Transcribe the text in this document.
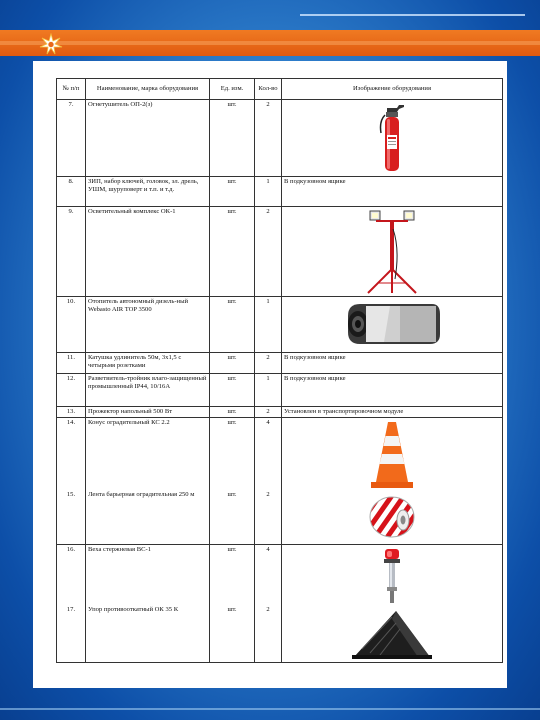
№ п/п	Наименование, марка оборудования	Ед. изм.	Кол-во	Изображение оборудования
7.	Огнетушитель ОП-2(з)	шт.	2	

8.	ЗИП, набор ключей, головок, эл. дрель, УШМ, шуруповерт и т.п. и т.д.	шт.	1	В подкузовном ящике
9.	Осветительный комплекс ОК-1	шт.	2	

10.	Отопитель автономный дизель-ный Webasto AIR TOP 3500	шт.	1	

11.	Катушка удлинитель 50м, 3х1,5 с четырьмя розетками	шт.	2	В подкузовном ящике
12.	Разветвитель-тройник влаго-защищенный промышленный IP44, 10/16А	шт.	1	В подкузовном ящике
13.	Прожектор напольный 500 Вт	шт.	2	Установлен в транспортировочном модуле
14.	Конус оградительный КС 2.2	шт.	4	

15.	Лента барьерная оградительная 250 м	шт.	2	

16.	Веха стержневая ВС-1	шт.	4	

17.	Упор противооткатный ОК 35 К	шт.	2	
